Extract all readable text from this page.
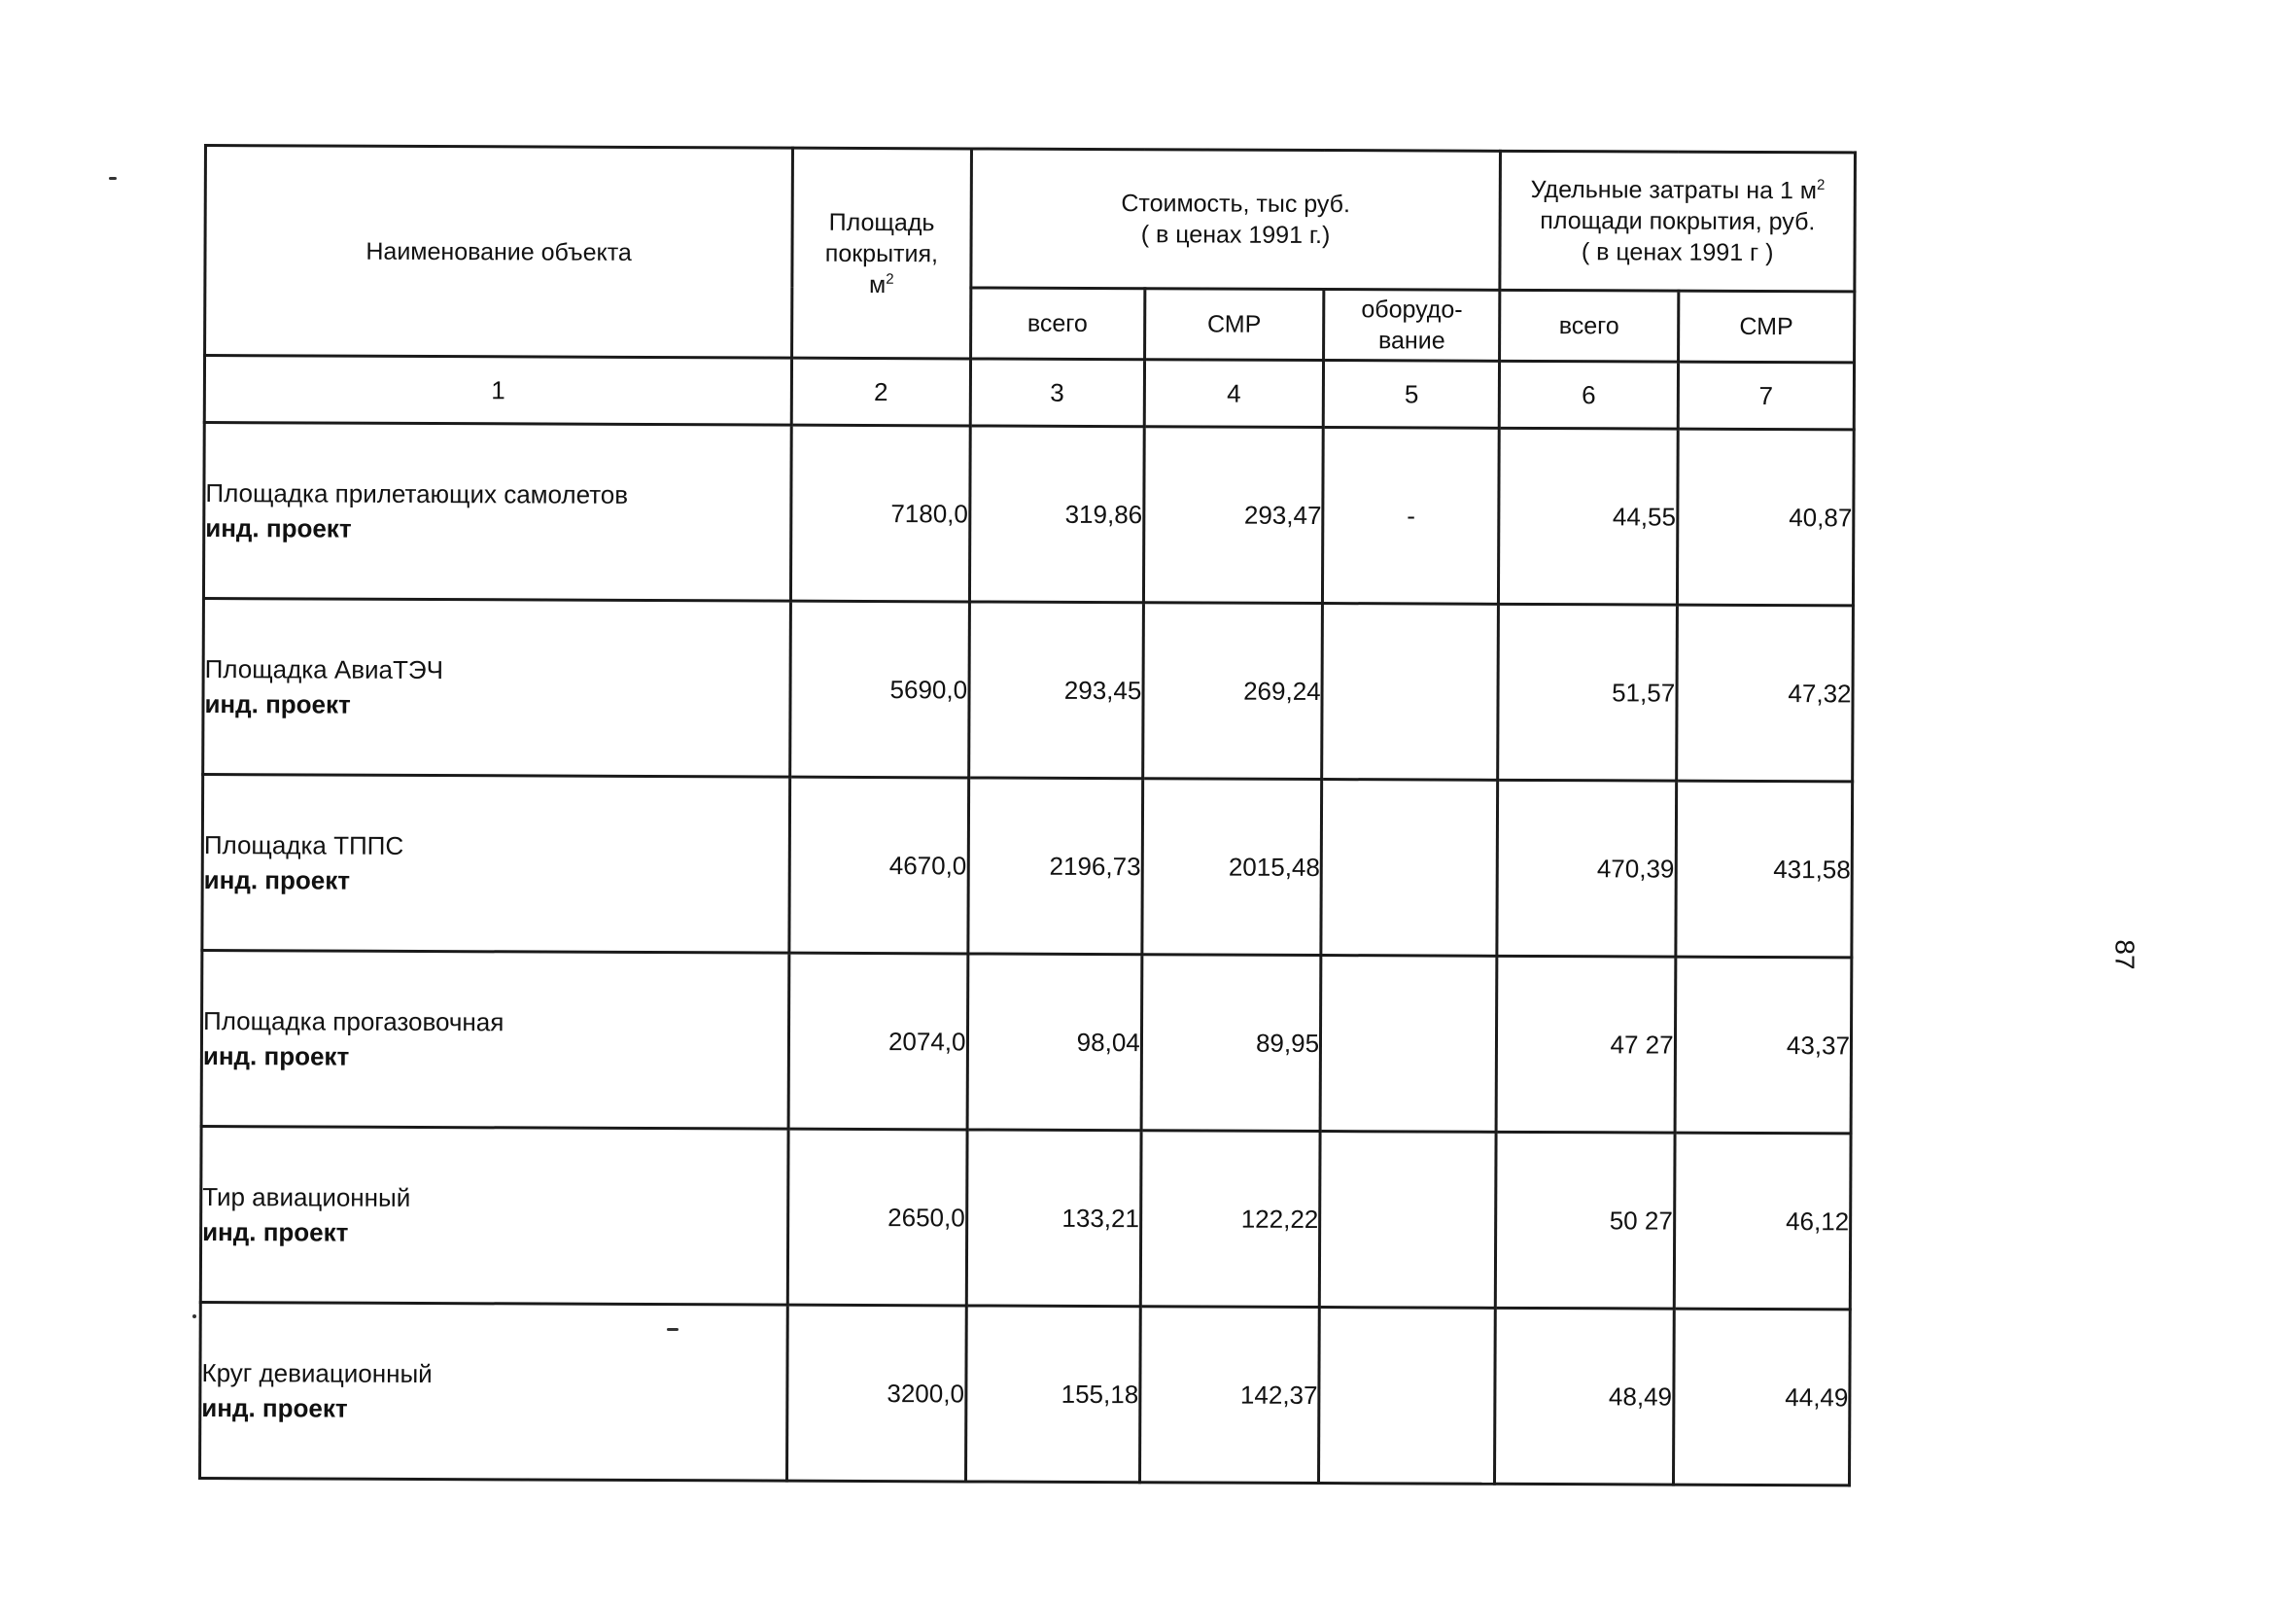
Наименование объекта	Площадь
покрытия,
$м^2$	Стоимость, тыс руб.
( в ценах 1991 г.)			Удельные затраты на 1 $м^2$
площади покрытия, руб.
( в ценах 1991 г )	

		всего	СМР	оборудо-
вание	всего	СМР
1	2	3	4	5	6	7

Площадка прилетающих самолетов
инд. проект	7180,0	319,86	293,47	-	44,55	40,87

Площадка АвиаТЭЧ
инд. проект	5690,0	293,45	269,24		51,57	47,32

Площадка ТППС
инд. проект	4670,0	2196,73	2015,48		470,39	431,58

Площадка прогазовочная
инд. проект	2074,0	98,04	89,95		47 27	43,37

Тир авиационный
инд. проект	2650,0	133,21	122,22		50 27	46,12

Круг девиационный
инд. проект	3200,0	155,18	142,37		48,49	44,49
87
